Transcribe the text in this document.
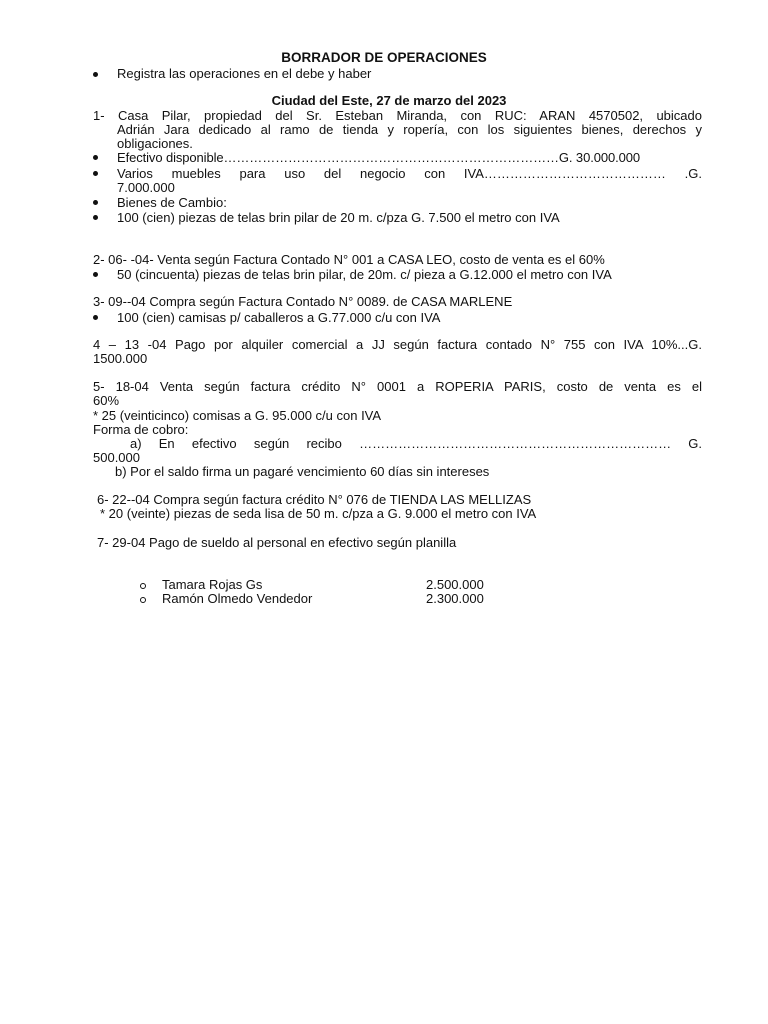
BORRADOR DE OPERACIONES
Registra las operaciones en el debe y haber
Ciudad del Este, 27 de marzo del 2023
1- Casa Pilar, propiedad del Sr. Esteban Miranda, con RUC: ARAN 4570502, ubicado
Adrián Jara dedicado al ramo de tienda y ropería, con los siguientes bienes, derechos y
obligaciones.
Efectivo disponible……………………………………………………………………G. 30.000.000
Varios muebles para uso del negocio con IVA…………………………………… .G.
7.000.000
Bienes de Cambio:
100 (cien) piezas de telas brin pilar de 20 m. c/pza G. 7.500 el metro con IVA
2- 06- -04- Venta según Factura Contado N° 001 a CASA LEO, costo de venta es el 60%
50 (cincuenta) piezas de telas brin pilar, de 20m. c/ pieza a G.12.000 el metro con IVA
3- 09--04 Compra según Factura Contado N° 0089. de CASA MARLENE
100 (cien) camisas p/ caballeros a G.77.000 c/u con IVA
4 – 13 -04 Pago por alquiler comercial a JJ según factura contado N° 755 con IVA 10%...G.
1500.000
5- 18-04 Venta según factura crédito N° 0001 a ROPERIA PARIS, costo de venta es el
60%
* 25 (veinticinco) comisas a G. 95.000 c/u con IVA
Forma de cobro:
a) En efectivo según recibo ……………………………………………………………… G.
500.000
b) Por el saldo firma un pagaré vencimiento 60 días sin intereses
6- 22--04 Compra según factura crédito N° 076 de TIENDA LAS MELLIZAS
* 20 (veinte) piezas de seda lisa de 50 m. c/pza a G. 9.000 el metro con IVA
7- 29-04 Pago de sueldo al personal en efectivo según planilla
Tamara Rojas Gs	2.500.000
Ramón Olmedo Vendedor	2.300.000
